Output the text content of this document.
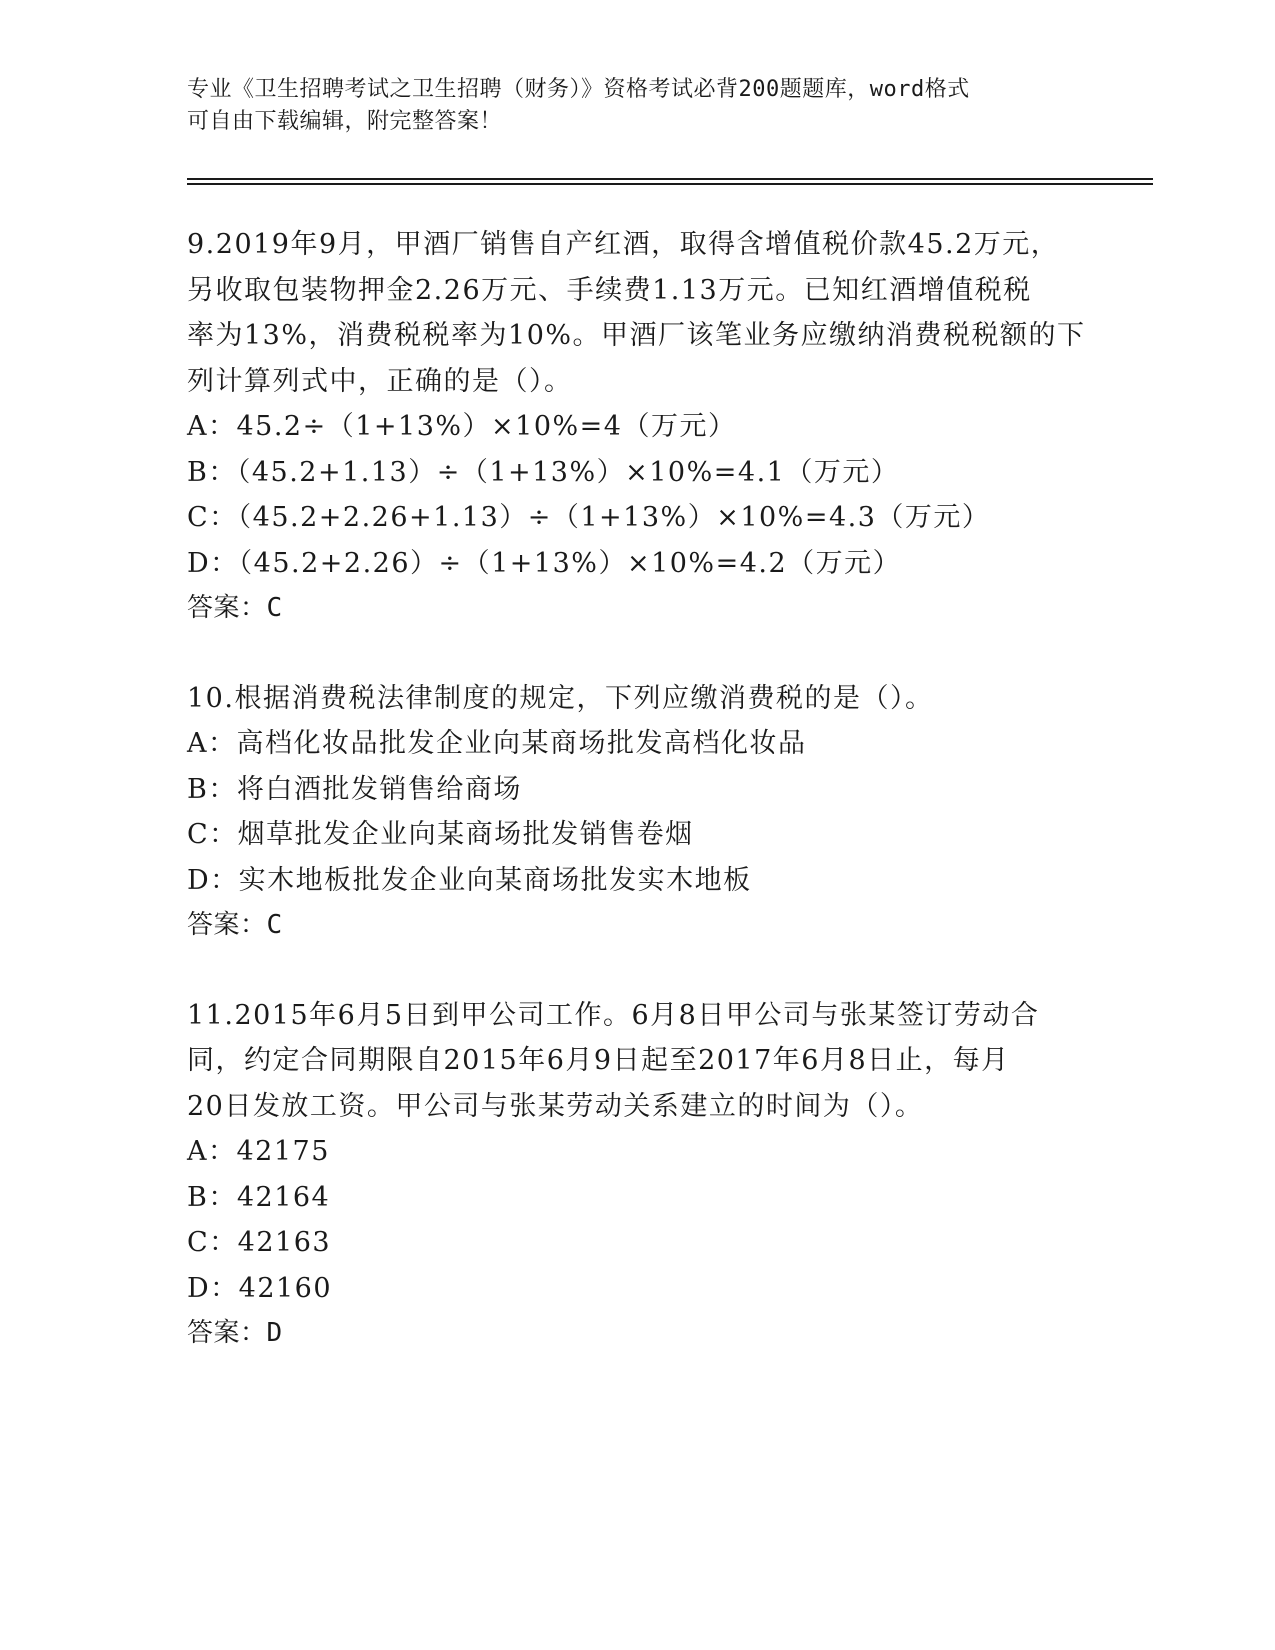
专业《卫生招聘考试之卫生招聘（财务）》资格考试必背200题题库，word格式

可自由下载编辑，附完整答案！

9.2019年9月，甲酒厂销售自产红酒，取得含增值税价款45.2万元，
另收取包装物押金2.26万元、手续费1.13万元。已知红酒增值税税
率为13%，消费税税率为10%。甲酒厂该笔业务应缴纳消费税税额的下
列计算列式中，正确的是（）。
A：45.2÷（1+13%）×10%=4（万元）
B：（45.2+1.13）÷（1+13%）×10%=4.1（万元）
C：（45.2+2.26+1.13）÷（1+13%）×10%=4.3（万元）
D：（45.2+2.26）÷（1+13%）×10%=4.2（万元）
答案：C
10.根据消费税法律制度的规定，下列应缴消费税的是（）。
A：高档化妆品批发企业向某商场批发高档化妆品
B：将白酒批发销售给商场
C：烟草批发企业向某商场批发销售卷烟
D：实木地板批发企业向某商场批发实木地板
答案：C
11.2015年6月5日到甲公司工作。6月8日甲公司与张某签订劳动合
同，约定合同期限自2015年6月9日起至2017年6月8日止，每月
20日发放工资。甲公司与张某劳动关系建立的时间为（）。
A：42175
B：42164
C：42163
D：42160
答案：D
